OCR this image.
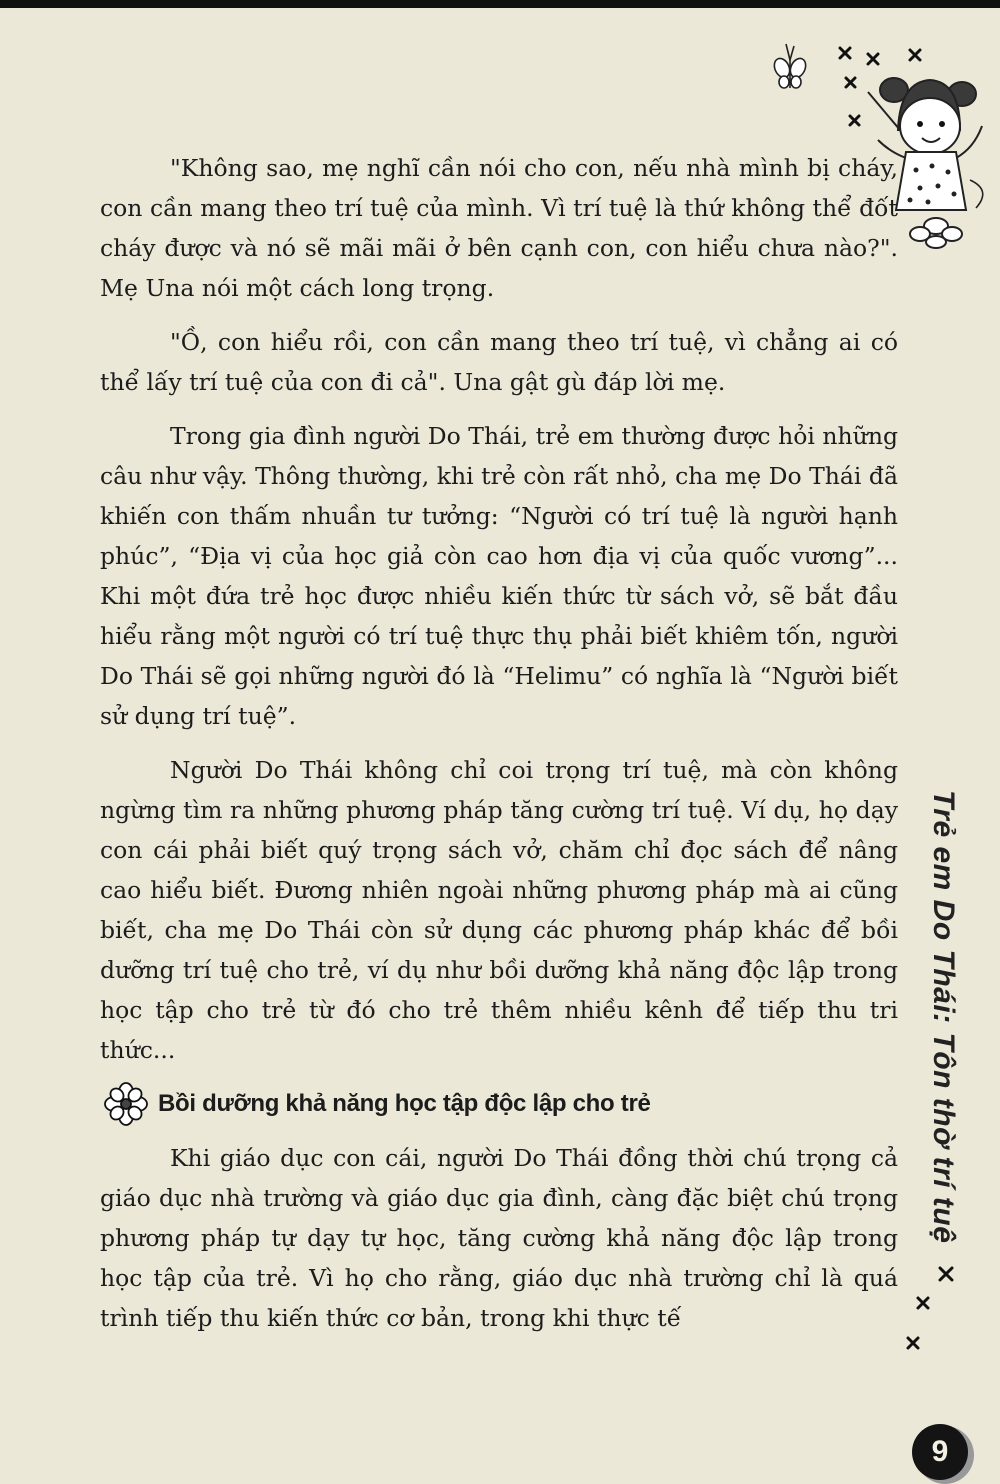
"Không sao, mẹ nghĩ cần nói cho con, nếu nhà mình bị cháy, con cần mang theo trí tuệ của mình. Vì trí tuệ là thứ không thể đốt cháy được và nó sẽ mãi mãi ở bên cạnh con, con hiểu chưa nào?". Mẹ Una nói một cách long trọng.

"Ồ, con hiểu rồi, con cần mang theo trí tuệ, vì chẳng ai có thể lấy trí tuệ của con đi cả". Una gật gù đáp lời mẹ.

Trong gia đình người Do Thái, trẻ em thường được hỏi những câu như vậy. Thông thường, khi trẻ còn rất nhỏ, cha mẹ Do Thái đã khiến con thấm nhuần tư tưởng: “Người có trí tuệ là người hạnh phúc”, “Địa vị của học giả còn cao hơn địa vị của quốc vương”... Khi một đứa trẻ học được nhiều kiến thức từ sách vở, sẽ bắt đầu hiểu rằng một người có trí tuệ thực thụ phải biết khiêm tốn, người Do Thái sẽ gọi những người đó là “Helimu” có nghĩa là “Người biết sử dụng trí tuệ”.

Người Do Thái không chỉ coi trọng trí tuệ, mà còn không ngừng tìm ra những phương pháp tăng cường trí tuệ. Ví dụ, họ dạy con cái phải biết quý trọng sách vở, chăm chỉ đọc sách để nâng cao hiểu biết. Đương nhiên ngoài những phương pháp mà ai cũng biết, cha mẹ Do Thái còn sử dụng các phương pháp khác để bồi dưỡng trí tuệ cho trẻ, ví dụ như bồi dưỡng khả năng độc lập trong học tập cho trẻ từ đó cho trẻ thêm nhiều kênh để tiếp thu tri thức...

Bồi dưỡng khả năng học tập độc lập cho trẻ

Khi giáo dục con cái, người Do Thái đồng thời chú trọng cả giáo dục nhà trường và giáo dục gia đình, càng đặc biệt chú trọng phương pháp tự dạy tự học, tăng cường khả năng độc lập trong học tập của trẻ. Vì họ cho rằng, giáo dục nhà trường chỉ là quá trình tiếp thu kiến thức cơ bản, trong khi thực tế

Trẻ em Do Thái: Tôn thờ trí tuệ
9
